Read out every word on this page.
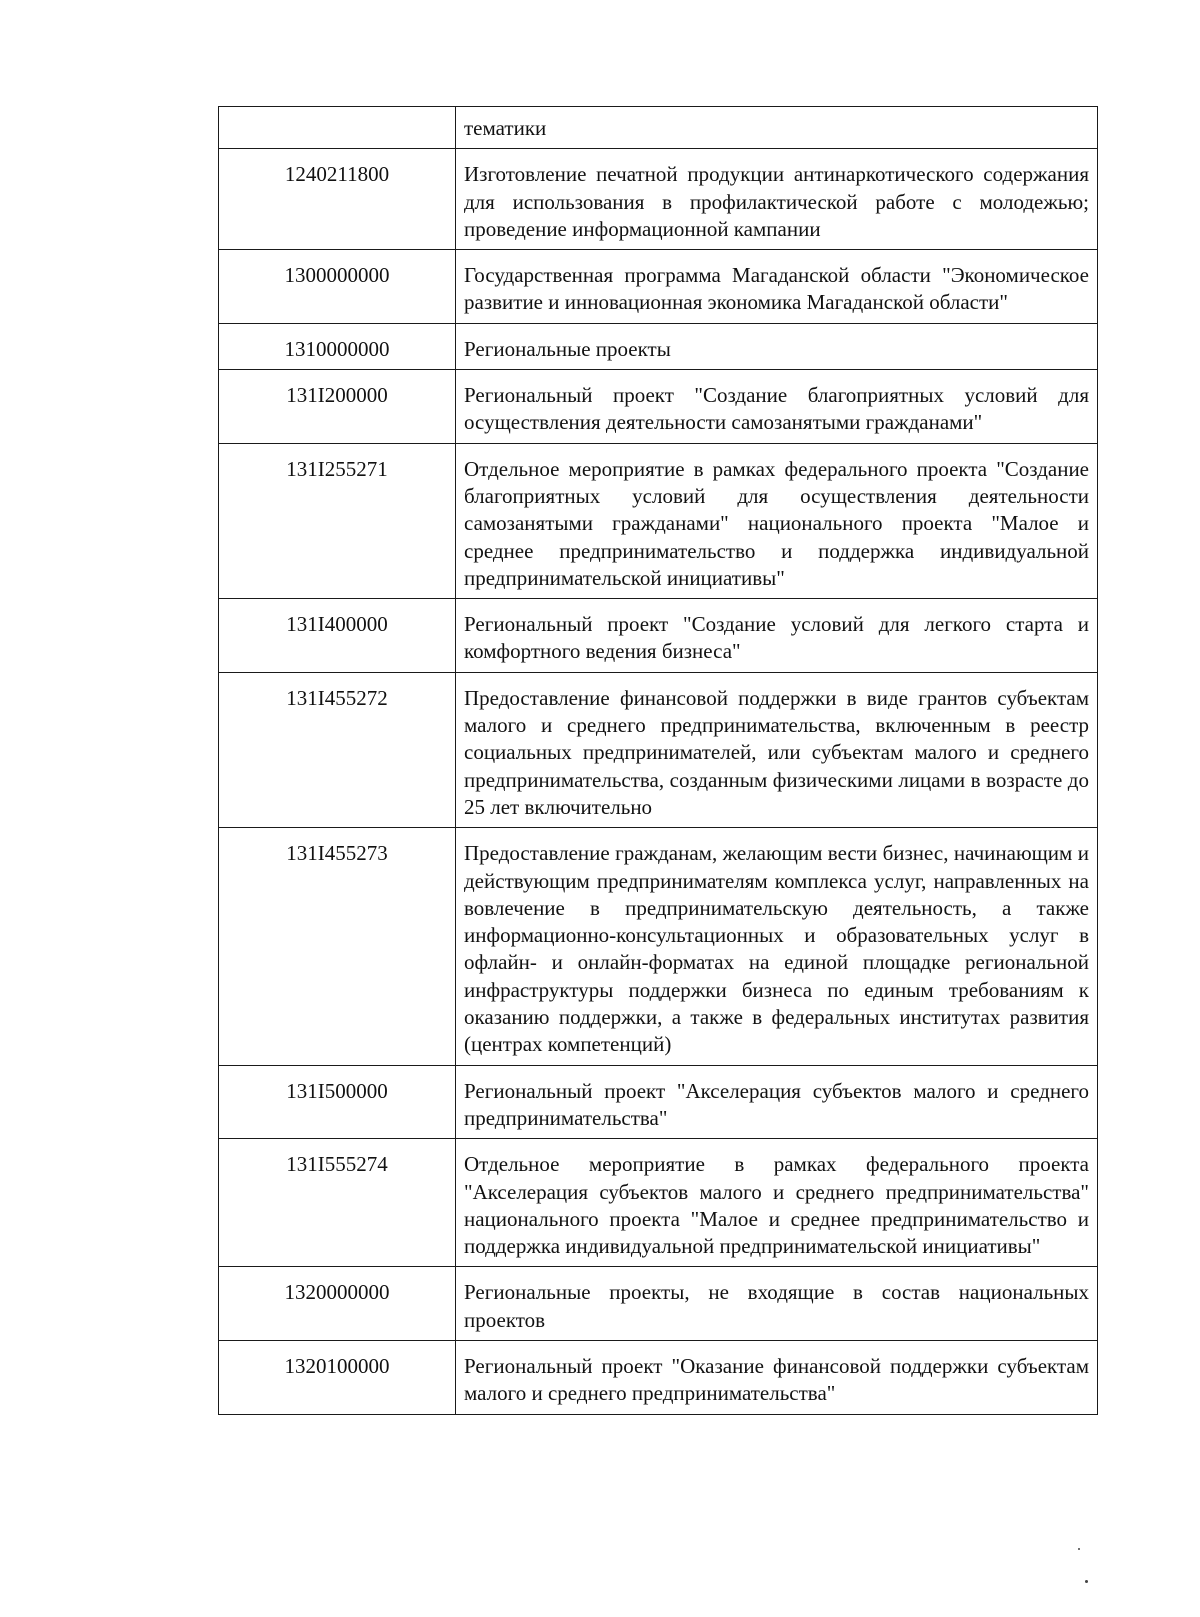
	тематики
1240211800	Изготовление печатной продукции антинаркотического содержания для использования в профилактической работе с молодежью; проведение информационной кампании
1300000000	Государственная программа Магаданской области "Экономическое развитие и инновационная экономика Магаданской области"
1310000000	Региональные проекты
131I200000	Региональный проект "Создание благоприятных условий для осуществления деятельности самозанятыми гражданами"
131I255271	Отдельное мероприятие в рамках федерального проекта "Создание благоприятных условий для осуществления деятельности самозанятыми гражданами" национального проекта "Малое и среднее предпринимательство и поддержка индивидуальной предпринимательской инициативы"
131I400000	Региональный проект "Создание условий для легкого старта и комфортного ведения бизнеса"
131I455272	Предоставление финансовой поддержки в виде грантов субъектам малого и среднего предпринимательства, включенным в реестр социальных предпринимателей, или субъектам малого и среднего предпринимательства, созданным физическими лицами в возрасте до 25 лет включительно
131I455273	Предоставление гражданам, желающим вести бизнес, начинающим и действующим предпринимателям комплекса услуг, направленных на вовлечение в предпринимательскую деятельность, а также информационно-консультационных и образовательных услуг в офлайн- и онлайн-форматах на единой площадке региональной инфраструктуры поддержки бизнеса по единым требованиям к оказанию поддержки, а также в федеральных институтах развития (центрах компетенций)
131I500000	Региональный проект "Акселерация субъектов малого и среднего предпринимательства"
131I555274	Отдельное мероприятие в рамках федерального проекта "Акселерация субъектов малого и среднего предпринимательства" национального проекта "Малое и среднее предпринимательство и поддержка индивидуальной предпринимательской инициативы"
1320000000	Региональные проекты, не входящие в состав национальных проектов
1320100000	Региональный проект "Оказание финансовой поддержки субъектам малого и среднего предпринимательства"
